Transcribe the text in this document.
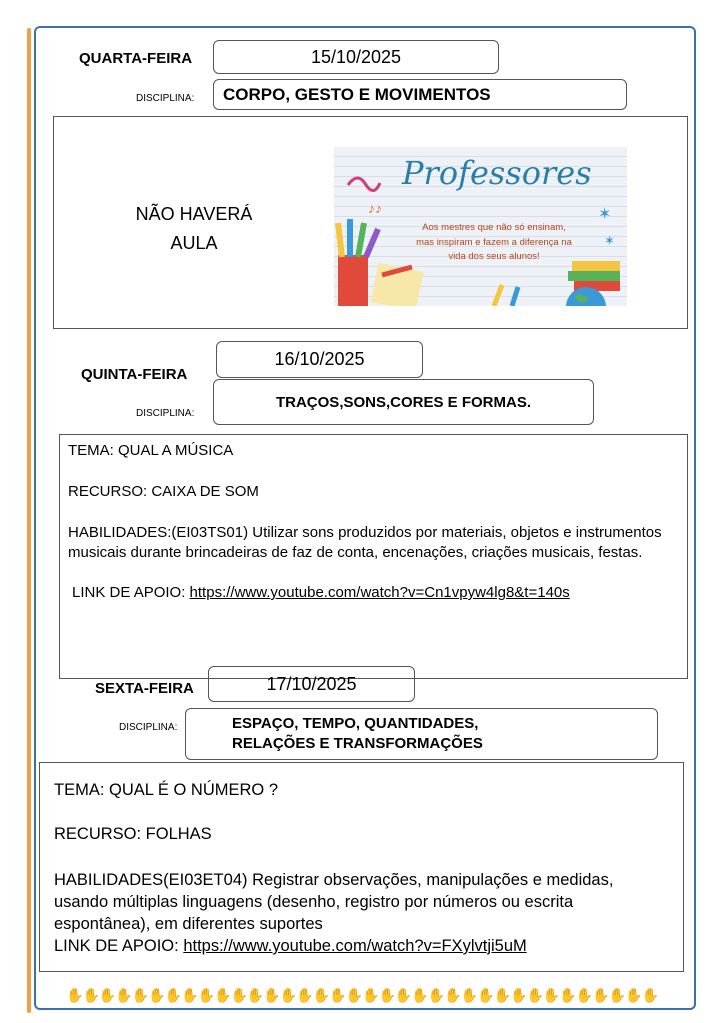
QUARTA-FEIRA	15/10/2025
DISCIPLINA: CORPO, GESTO E MOVIMENTOS
NÃO HAVERÁ
AULA
♪♪	✶
✶
Professores
Aos mestres que não só ensinam,
mas inspiram e fazem a diferença na
vida dos seus alunos!
16/10/2025
QUINTA-FEIRA
DISCIPLINA:
TRAÇOS,SONS,CORES E FORMAS.

TEMA: QUAL A MÚSICA

RECURSO: CAIXA DE SOM

HABILIDADES:(EI03TS01) Utilizar sons produzidos por materiais, objetos e instrumentos musicais durante brincadeiras de faz de conta, encenações, criações musicais, festas.

LINK DE APOIO: https://www.youtube.com/watch?v=Cn1vpyw4lg8&t=140s

SEXTA-FEIRA	17/10/2025
DISCIPLINA:	ESPAÇO, TEMPO, QUANTIDADES,
RELAÇÕES E TRANSFORMAÇÕES

TEMA: QUAL É O NÚMERO ?

RECURSO: FOLHAS

HABILIDADES(EI03ET04) Registrar observações, manipulações e medidas, usando múltiplas linguagens (desenho, registro por números ou escrita espontânea), em diferentes suportes

LINK DE APOIO: https://www.youtube.com/watch?v=FXylvtji5uM

✋✋✋✋ ✋✋✋✋ ✋✋✋✋ ✋✋✋✋ ✋✋✋✋ ✋✋✋✋ ✋✋✋✋ ✋✋✋✋ ✋✋✋✋
